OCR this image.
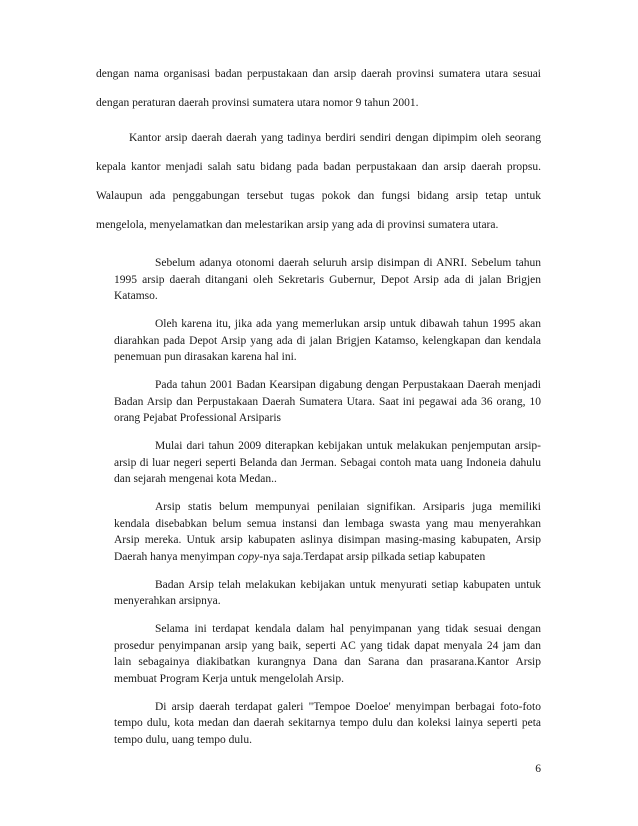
dengan nama organisasi badan perpustakaan dan arsip daerah provinsi sumatera utara sesuai dengan peraturan daerah provinsi sumatera utara nomor 9 tahun 2001.

Kantor arsip daerah daerah yang tadinya berdiri sendiri dengan dipimpim oleh seorang kepala kantor menjadi salah satu bidang pada badan perpustakaan dan arsip daerah propsu. Walaupun ada penggabungan tersebut tugas pokok dan fungsi bidang arsip tetap untuk mengelola, menyelamatkan dan melestarikan arsip yang ada di provinsi sumatera utara.

Sebelum adanya otonomi daerah seluruh arsip disimpan di ANRI. Sebelum tahun 1995 arsip daerah ditangani oleh Sekretaris Gubernur, Depot Arsip ada di jalan Brigjen Katamso.

Oleh karena itu, jika ada yang memerlukan arsip untuk dibawah tahun 1995 akan diarahkan pada Depot Arsip yang ada di jalan Brigjen Katamso, kelengkapan dan kendala penemuan pun dirasakan karena hal ini.

Pada tahun 2001 Badan Kearsipan digabung dengan Perpustakaan Daerah menjadi Badan Arsip dan Perpustakaan Daerah Sumatera Utara. Saat ini pegawai ada 36 orang, 10 orang Pejabat Professional Arsiparis

Mulai dari tahun 2009 diterapkan kebijakan untuk melakukan penjemputan arsip-arsip di luar negeri seperti Belanda dan Jerman. Sebagai contoh mata uang Indoneia dahulu dan sejarah mengenai kota Medan..

Arsip statis belum mempunyai penilaian signifikan. Arsiparis juga memiliki kendala disebabkan belum semua instansi dan lembaga swasta yang mau menyerahkan Arsip mereka. Untuk arsip kabupaten aslinya disimpan masing-masing kabupaten, Arsip Daerah hanya menyimpan copy-nya saja.Terdapat arsip pilkada setiap kabupaten

Badan Arsip telah melakukan kebijakan untuk menyurati setiap kabupaten untuk menyerahkan arsipnya.

Selama ini terdapat kendala dalam hal penyimpanan yang tidak sesuai dengan prosedur penyimpanan arsip yang baik, seperti AC yang tidak dapat menyala 24 jam dan lain sebagainya diakibatkan kurangnya Dana dan Sarana dan prasarana.Kantor Arsip membuat Program Kerja untuk mengelolah Arsip.

Di arsip daerah terdapat galeri "Tempoe Doeloe' menyimpan berbagai foto-foto tempo dulu, kota medan dan daerah sekitarnya tempo dulu dan koleksi lainya seperti peta tempo dulu, uang tempo dulu.

6
